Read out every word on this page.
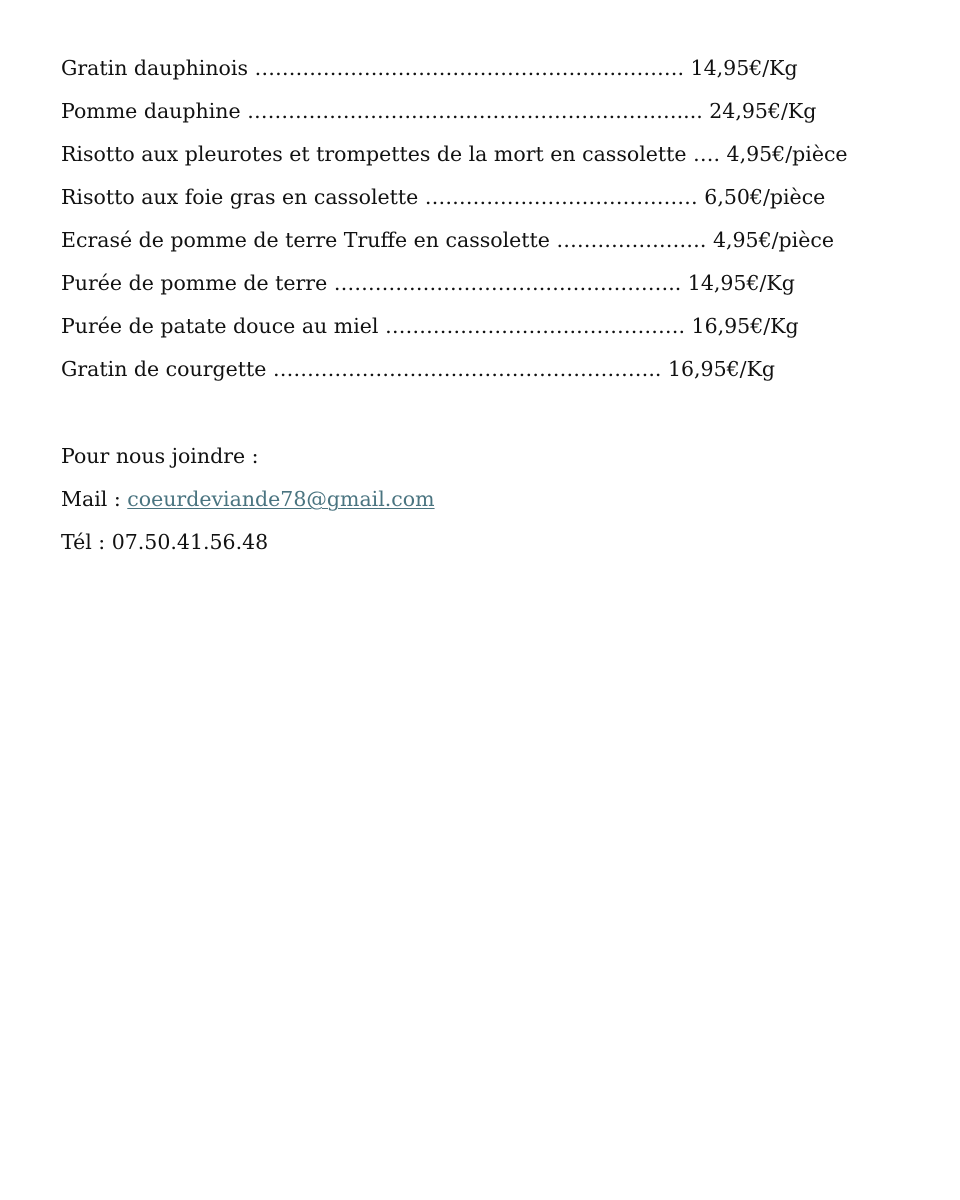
Gratin dauphinois ……………….…………………………….………. 14,95€/Kg
Pomme dauphine …………………….…….………………….……….... 24,95€/Kg
Risotto aux pleurotes et trompettes de la mort en cassolette …. 4,95€/pièce
Risotto aux foie gras en cassolette …………….…………………… 6,50€/pièce
Ecrasé de pomme de terre Truffe en cassolette …………………. 4,95€/pièce
Purée de pomme de terre ………………………….……………….. 14,95€/Kg
Purée de patate douce au miel ……………………….……………. 16,95€/Kg
Gratin de courgette ……………………….……………………….. 16,95€/Kg
Pour nous joindre :
Mail : coeurdeviande78@gmail.com
Tél : 07.50.41.56.48
